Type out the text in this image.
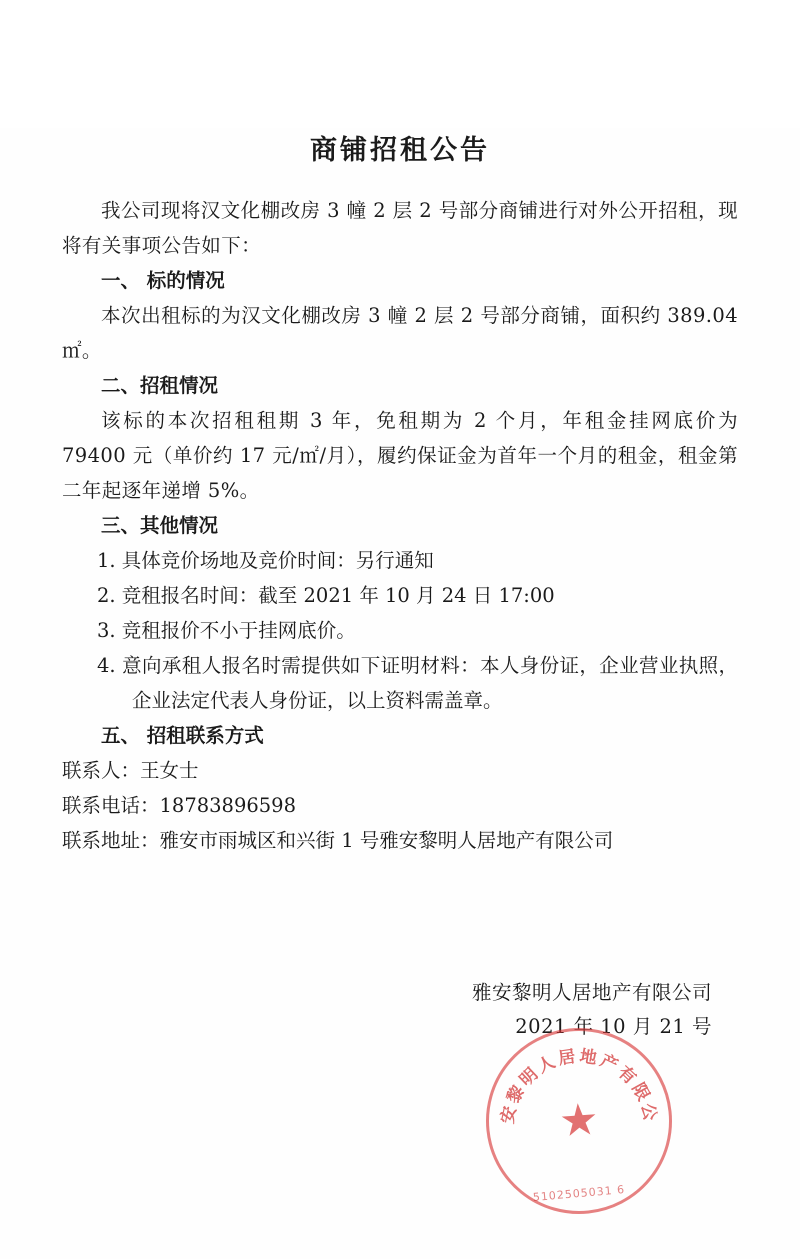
商铺招租公告

我公司现将汉文化棚改房 3 幢 2 层 2 号部分商铺进行对外公开招租，现将有关事项公告如下：

一、 标的情况

本次出租标的为汉文化棚改房 3 幢 2 层 2 号部分商铺，面积约 389.04 ㎡。

二、招租情况

该标的本次招租租期 3 年，免租期为 2 个月，年租金挂网底价为 79400 元（单价约 17 元/㎡/月），履约保证金为首年一个月的租金，租金第二年起逐年递增 5%。

三、其他情况

1. 具体竞价场地及竞价时间：另行通知

2. 竞租报名时间：截至 2021 年 10 月 24 日 17:00

3. 竞租报价不小于挂网底价。

4. 意向承租人报名时需提供如下证明材料：本人身份证，企业营业执照，企业法定代表人身份证，以上资料需盖章。

五、 招租联系方式

联系人：王女士

联系电话：18783896598

联系地址：雅安市雨城区和兴街 1 号雅安黎明人居地产有限公司

雅安黎明人居地产有限公司
2021 年 10 月 21 号
雅安黎明人居地产有限公司
★
5102505031 6
